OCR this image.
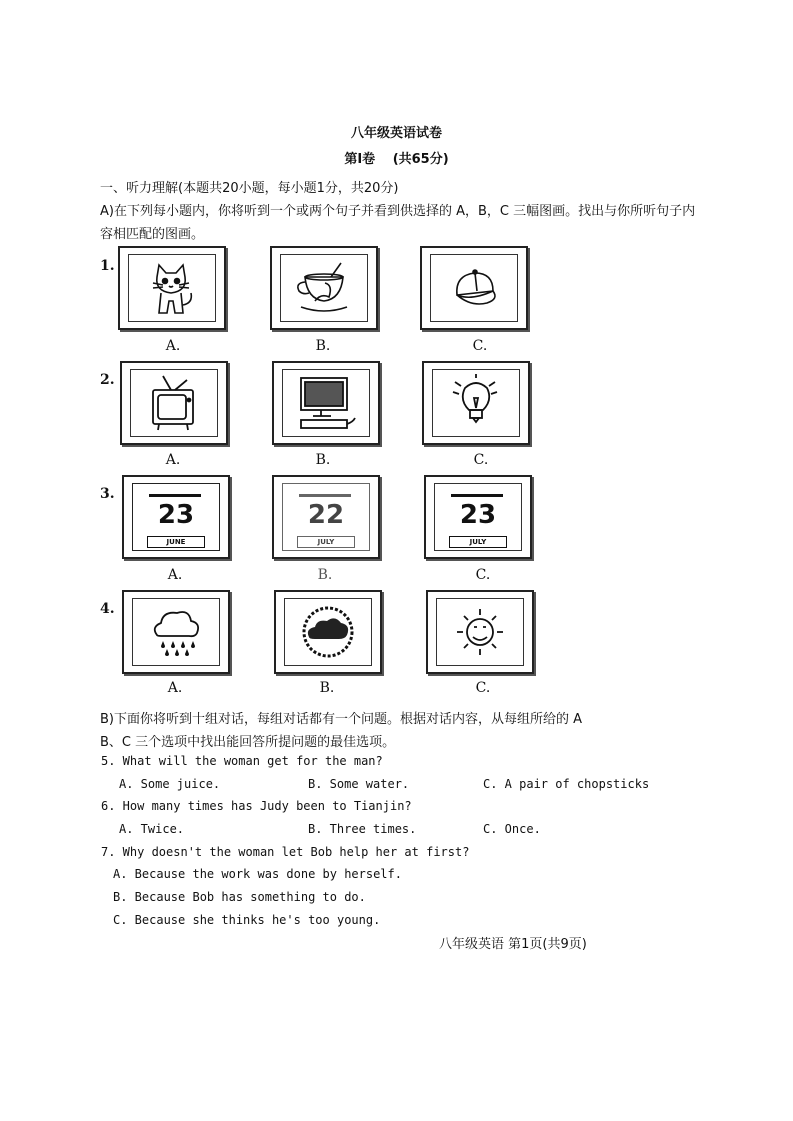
八年级英语试卷
第Ⅰ卷　 (共65分)
一、听力理解(本题共20小题，每小题1分，共20分)
A)在下列每小题内，你将听到一个或两个句子并看到供选择的 A，B，C 三幅图画。找出与你所听句子内
容相匹配的图画。
1.
A.	B.	C.
2.
A.	B.	C.
3.
23
JUNE
A.
22
JULY
B.
23
JULY
C.
4.
A.	B.	C.
B)下面你将听到十组对话，每组对话都有一个问题。根据对话内容，从每组所给的 A
B、C 三个选项中找出能回答所提问题的最佳选项。
5. What will the woman get for the man?
A. Some juice.	B. Some water.	C. A pair of chopsticks
6. How many times has Judy been to Tianjin?
A. Twice.	B. Three times.	C. Once.
7. Why doesn't the woman let Bob help her at first?
A. Because the work was done by herself.
B. Because Bob has something to do.
C. Because she thinks he's too young.
八年级英语 第1页(共9页)
